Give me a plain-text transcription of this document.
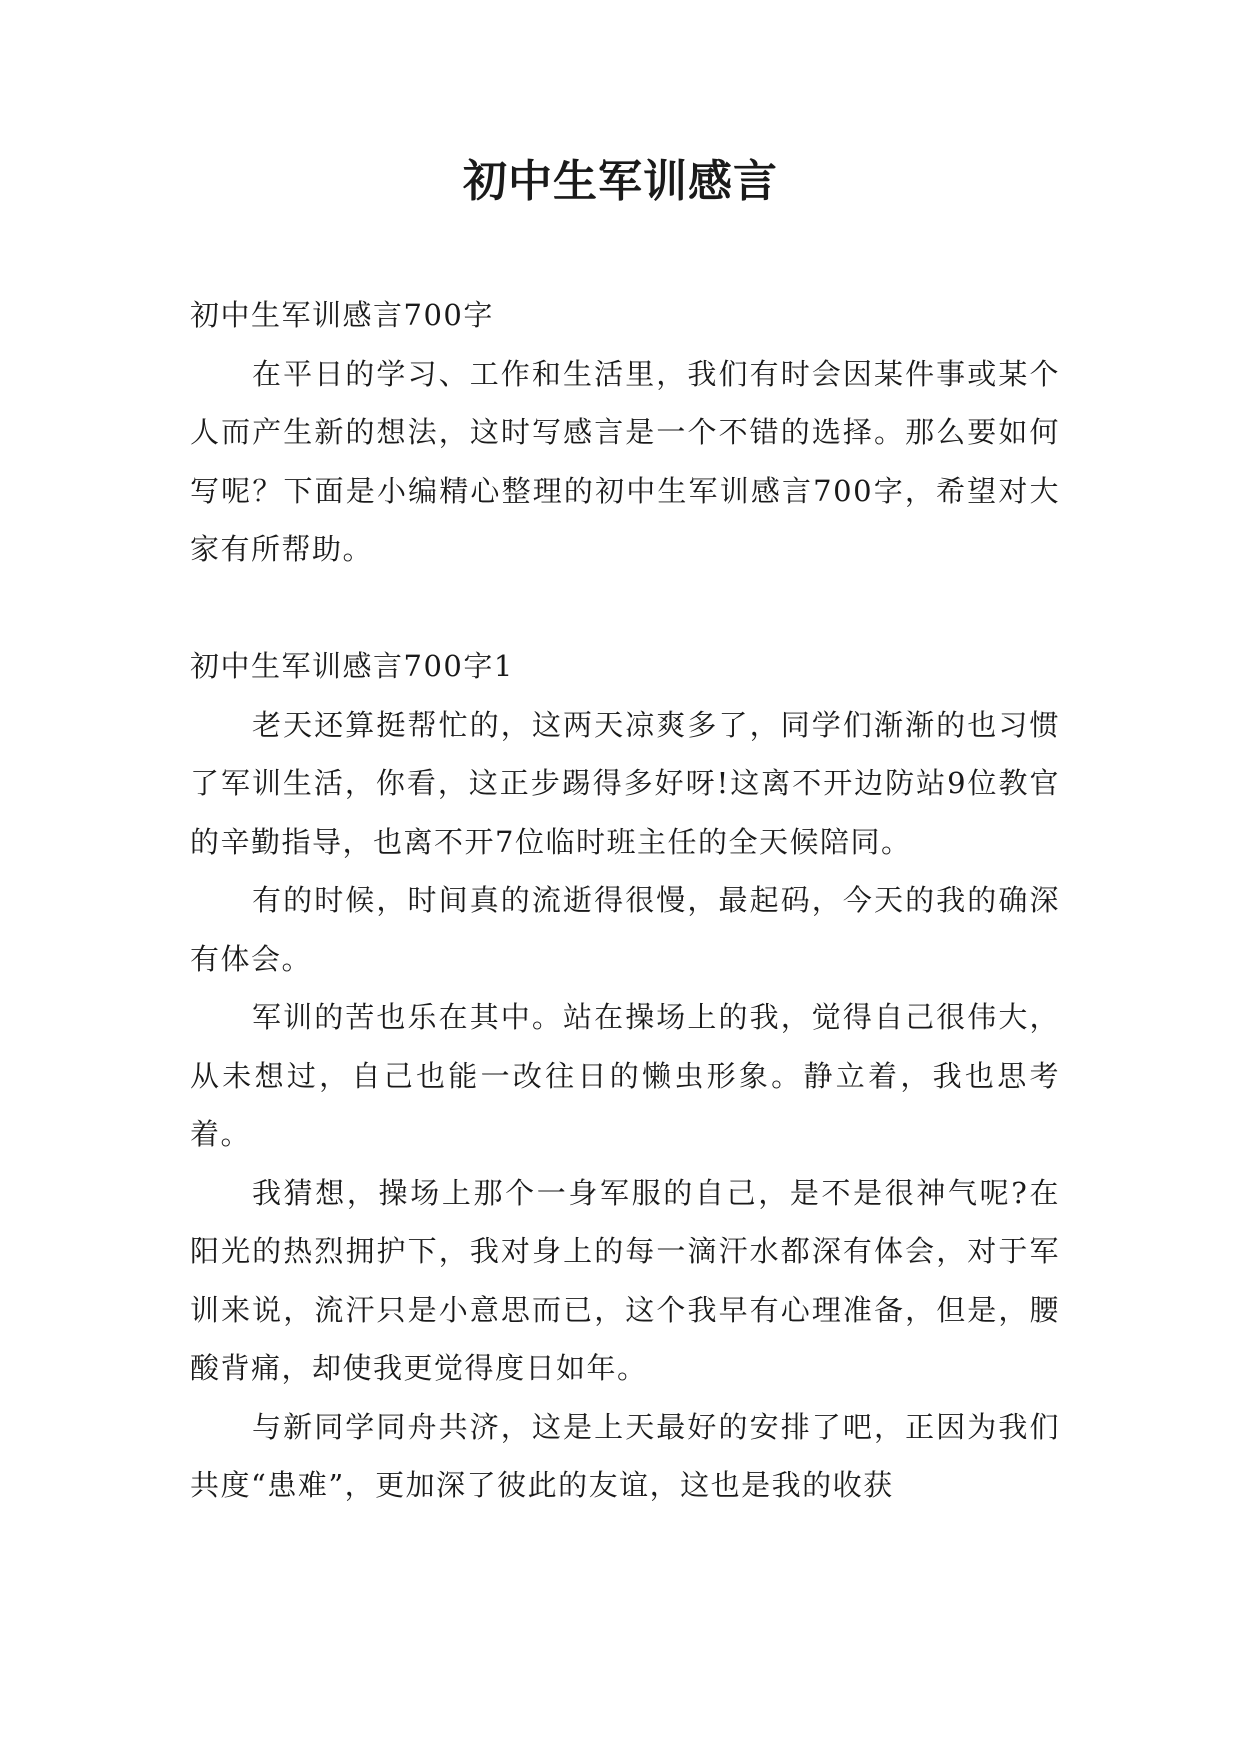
初中生军训感言

初中生军训感言700字

在平日的学习、工作和生活里，我们有时会因某件事或某个人而产生新的想法，这时写感言是一个不错的选择。那么要如何写呢？下面是小编精心整理的初中生军训感言700字，希望对大家有所帮助。

初中生军训感言700字1

老天还算挺帮忙的，这两天凉爽多了，同学们渐渐的也习惯了军训生活，你看，这正步踢得多好呀!这离不开边防站9位教官的辛勤指导，也离不开7位临时班主任的全天候陪同。

有的时候，时间真的流逝得很慢，最起码，今天的我的确深有体会。

军训的苦也乐在其中。站在操场上的我，觉得自己很伟大，从未想过，自己也能一改往日的懒虫形象。静立着，我也思考着。

我猜想，操场上那个一身军服的自己，是不是很神气呢?在阳光的热烈拥护下，我对身上的每一滴汗水都深有体会，对于军训来说，流汗只是小意思而已，这个我早有心理准备，但是，腰酸背痛，却使我更觉得度日如年。

与新同学同舟共济，这是上天最好的安排了吧，正因为我们共度“患难”，更加深了彼此的友谊，这也是我的收获
